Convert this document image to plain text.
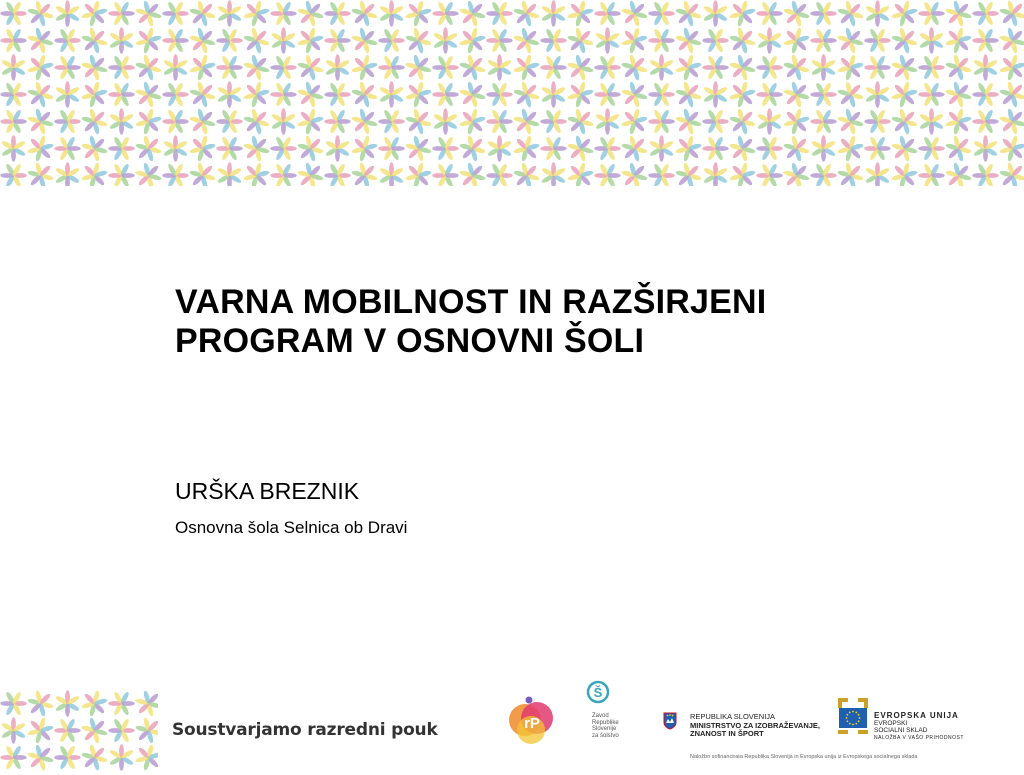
VARNA MOBILNOST IN RAZŠIRJENI
PROGRAM V OSNOVNI ŠOLI
URŠKA BREZNIK
Osnovna šola Selnica ob Dravi
Soustvarjamo razredni pouk	rP
Š
Zavod
Republike
Slovenije
za šolstvo
REPUBLIKA SLOVENIJA
MINISTRSTVO ZA IZOBRAŽEVANJE,
ZNANOST IN ŠPORT
EVROPSKA UNIJA
EVROPSKI
SOCIALNI SKLAD
NALOŽBA V VAŠO PRIHODNOST
Naložbo sofinancirata Republika Slovenija in Evropska unija iz Evropskega socialnega sklada
